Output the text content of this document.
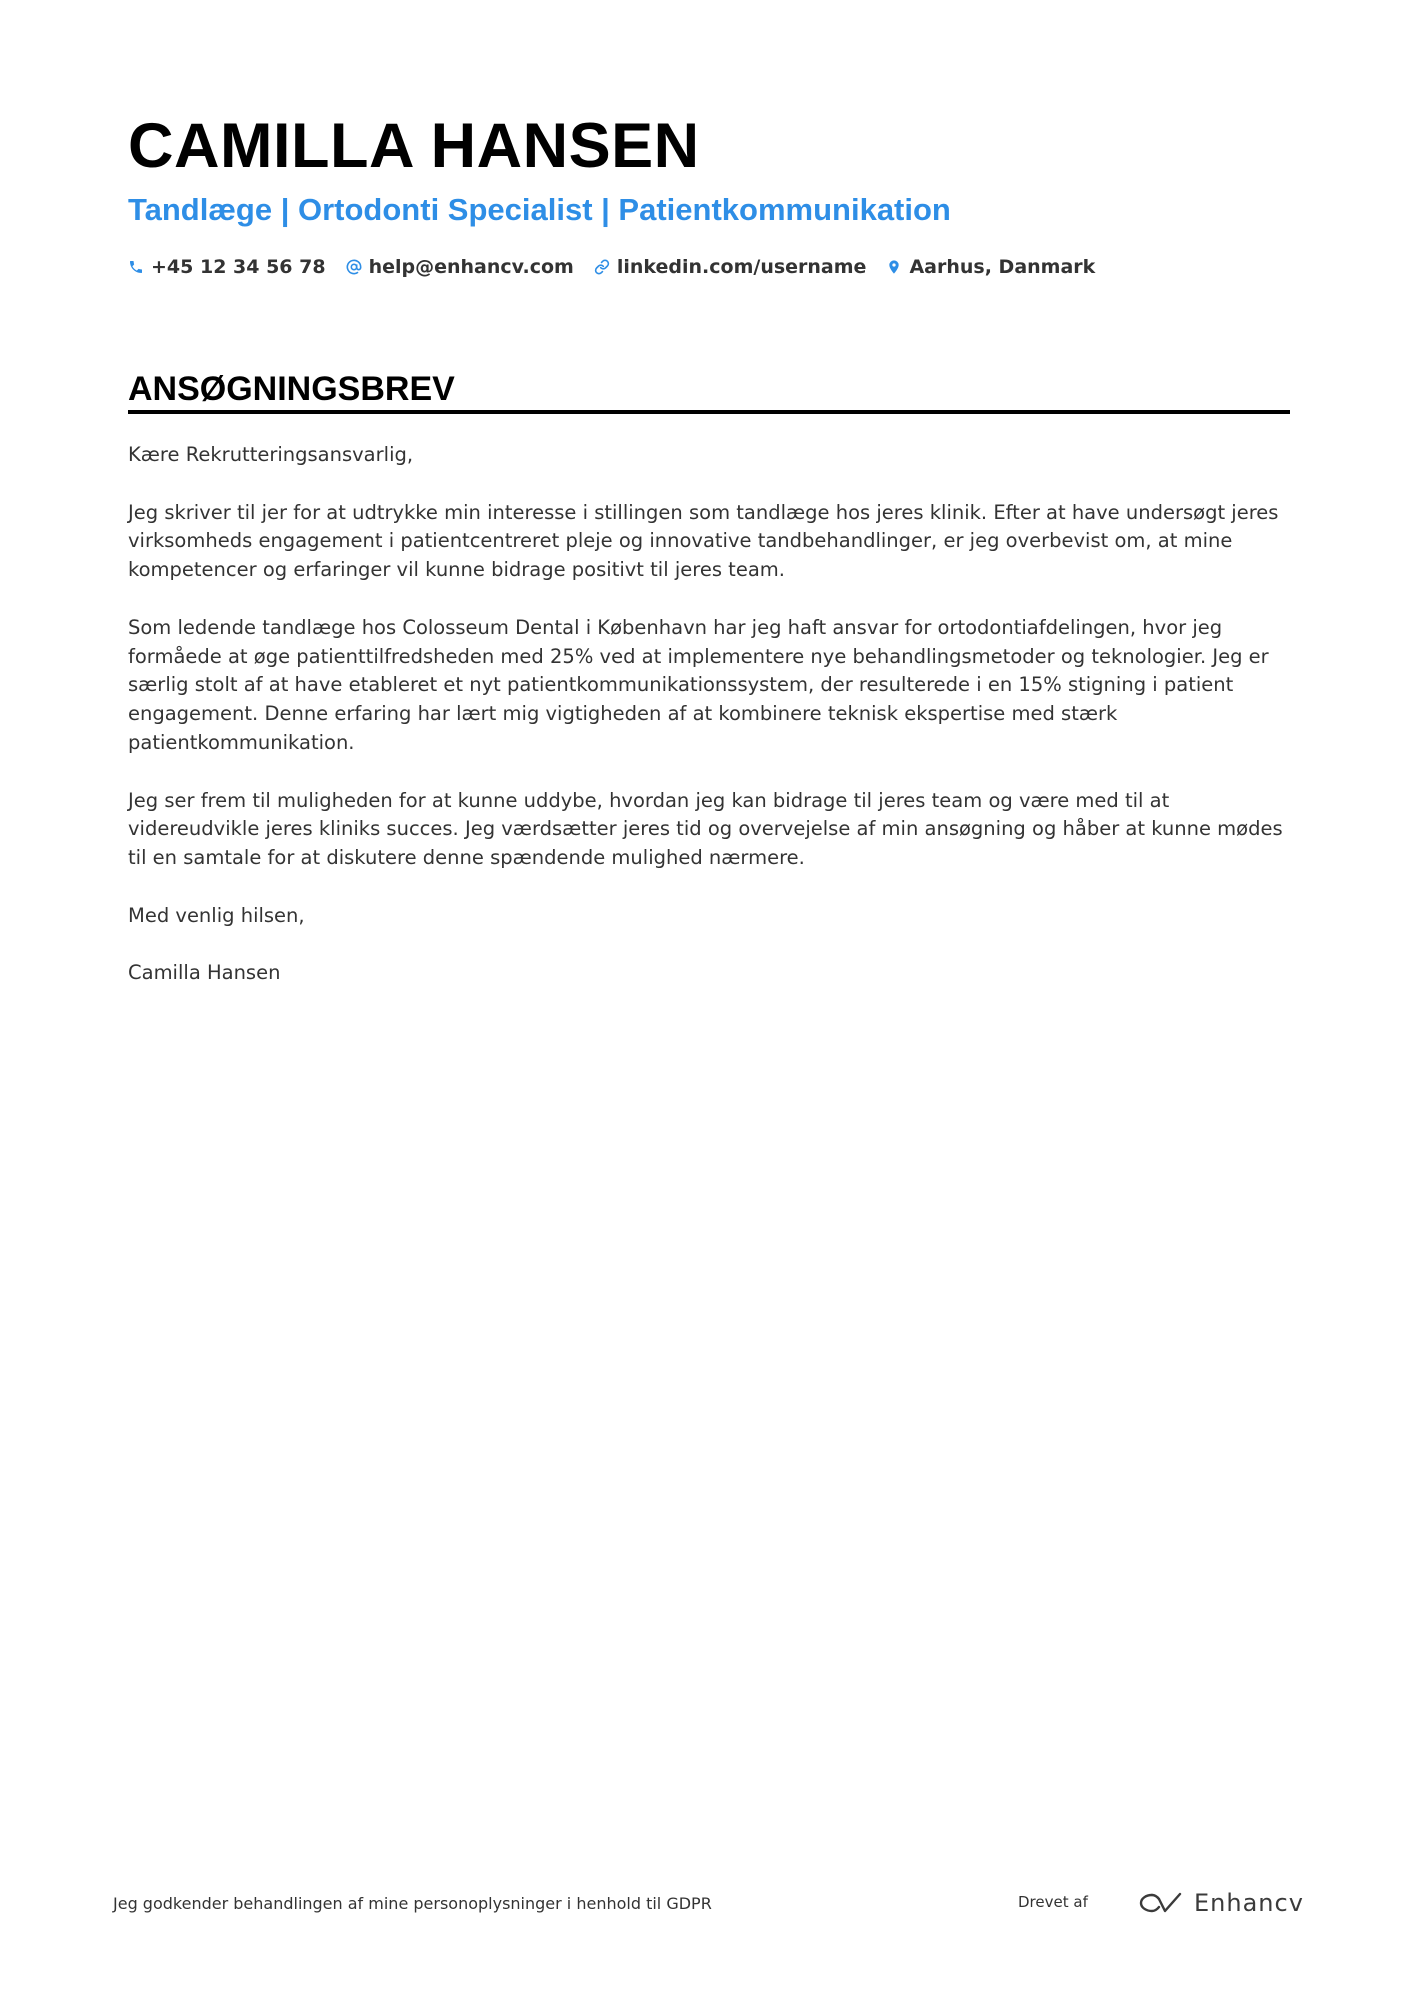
CAMILLA HANSEN
Tandlæge | Ortodonti Specialist | Patientkommunikation
+45 12 34 56 78 help@enhancv.com linkedin.com/username Aarhus, Danmark
ANSØGNINGSBREV

Kære Rekrutteringsansvarlig,

Jeg skriver til jer for at udtrykke min interesse i stillingen som tandlæge hos jeres klinik. Efter at have undersøgt jeres virksomheds engagement i patientcentreret pleje og innovative tandbehandlinger, er jeg overbevist om, at mine kompetencer og erfaringer vil kunne bidrage positivt til jeres team.

Som ledende tandlæge hos Colosseum Dental i København har jeg haft ansvar for ortodontiafdelingen, hvor jeg formåede at øge patienttilfredsheden med 25% ved at implementere nye behandlingsmetoder og teknologier. Jeg er særlig stolt af at have etableret et nyt patientkommunikationssystem, der resulterede i en 15% stigning i patient engagement. Denne erfaring har lært mig vigtigheden af at kombinere teknisk ekspertise med stærk patientkommunikation.

Jeg ser frem til muligheden for at kunne uddybe, hvordan jeg kan bidrage til jeres team og være med til at videreudvikle jeres kliniks succes. Jeg værdsætter jeres tid og overvejelse af min ansøgning og håber at kunne mødes til en samtale for at diskutere denne spændende mulighed nærmere.

Med venlig hilsen,

Camilla Hansen

Jeg godkender behandlingen af mine personoplysninger i henhold til GDPR	Drevet af	Enhancv
